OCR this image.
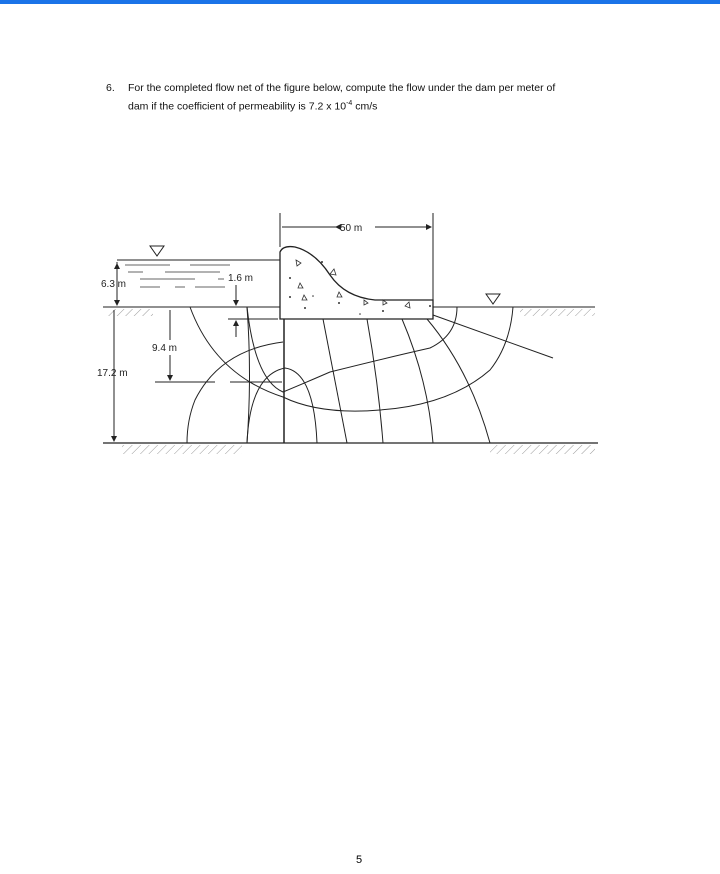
6. For the completed flow net of the figure below, compute the flow under the dam per meter of
dam if the coefficient of permeability is 7.2 x $10^{-4}$ cm/s
50 m
6.3 m
1.6 m
9.4 m
17.2 m
5
